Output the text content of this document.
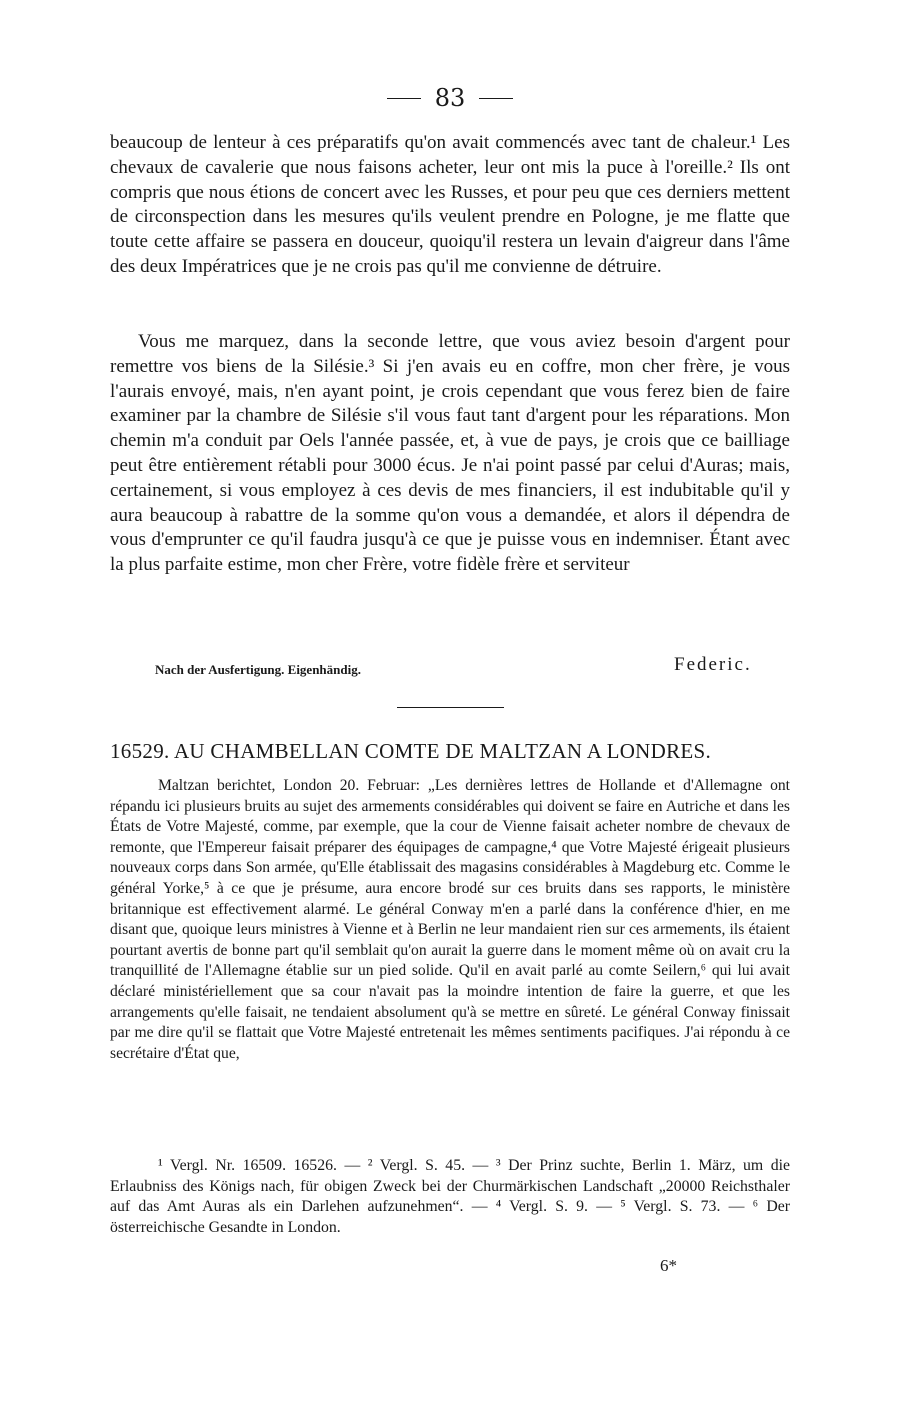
83
beaucoup de lenteur à ces préparatifs qu'on avait commencés avec tant de chaleur.¹ Les chevaux de cavalerie que nous faisons acheter, leur ont mis la puce à l'oreille.² Ils ont compris que nous étions de concert avec les Russes, et pour peu que ces derniers mettent de circonspection dans les mesures qu'ils veulent prendre en Pologne, je me flatte que toute cette affaire se passera en douceur, quoiqu'il restera un levain d'aigreur dans l'âme des deux Impératrices que je ne crois pas qu'il me convienne de détruire.
Vous me marquez, dans la seconde lettre, que vous aviez besoin d'argent pour remettre vos biens de la Silésie.³ Si j'en avais eu en coffre, mon cher frère, je vous l'aurais envoyé, mais, n'en ayant point, je crois cependant que vous ferez bien de faire examiner par la chambre de Silésie s'il vous faut tant d'argent pour les réparations. Mon chemin m'a conduit par Oels l'année passée, et, à vue de pays, je crois que ce bailliage peut être entièrement rétabli pour 3000 écus. Je n'ai point passé par celui d'Auras; mais, certainement, si vous employez à ces devis de mes financiers, il est indubitable qu'il y aura beaucoup à rabattre de la somme qu'on vous a demandée, et alors il dépendra de vous d'emprunter ce qu'il faudra jusqu'à ce que je puisse vous en indemniser. Étant avec la plus parfaite estime, mon cher Frère, votre fidèle frère et serviteur
Nach der Ausfertigung. Eigenhändig.	Federic.
16529. AU CHAMBELLAN COMTE DE MALTZAN A LONDRES.
Maltzan berichtet, London 20. Februar: „Les dernières lettres de Hollande et d'Allemagne ont répandu ici plusieurs bruits au sujet des armements considérables qui doivent se faire en Autriche et dans les États de Votre Majesté, comme, par exemple, que la cour de Vienne faisait acheter nombre de chevaux de remonte, que l'Empereur faisait préparer des équipages de campagne,⁴ que Votre Majesté érigeait plusieurs nouveaux corps dans Son armée, qu'Elle établissait des magasins considérables à Magdeburg etc. Comme le général Yorke,⁵ à ce que je présume, aura encore brodé sur ces bruits dans ses rapports, le ministère britannique est effectivement alarmé. Le général Conway m'en a parlé dans la conférence d'hier, en me disant que, quoique leurs ministres à Vienne et à Berlin ne leur mandaient rien sur ces armements, ils étaient pourtant avertis de bonne part qu'il semblait qu'on aurait la guerre dans le moment même où on avait cru la tranquillité de l'Allemagne établie sur un pied solide. Qu'il en avait parlé au comte Seilern,⁶ qui lui avait déclaré ministériellement que sa cour n'avait pas la moindre intention de faire la guerre, et que les arrangements qu'elle faisait, ne tendaient absolument qu'à se mettre en sûreté. Le général Conway finissait par me dire qu'il se flattait que Votre Majesté entretenait les mêmes sentiments pacifiques. J'ai répondu à ce secrétaire d'État que,
¹ Vergl. Nr. 16509. 16526. — ² Vergl. S. 45. — ³ Der Prinz suchte, Berlin 1. März, um die Erlaubniss des Königs nach, für obigen Zweck bei der Churmärkischen Landschaft „20000 Reichsthaler auf das Amt Auras als ein Darlehen aufzunehmen“. — ⁴ Vergl. S. 9. — ⁵ Vergl. S. 73. — ⁶ Der österreichische Gesandte in London.
6*
